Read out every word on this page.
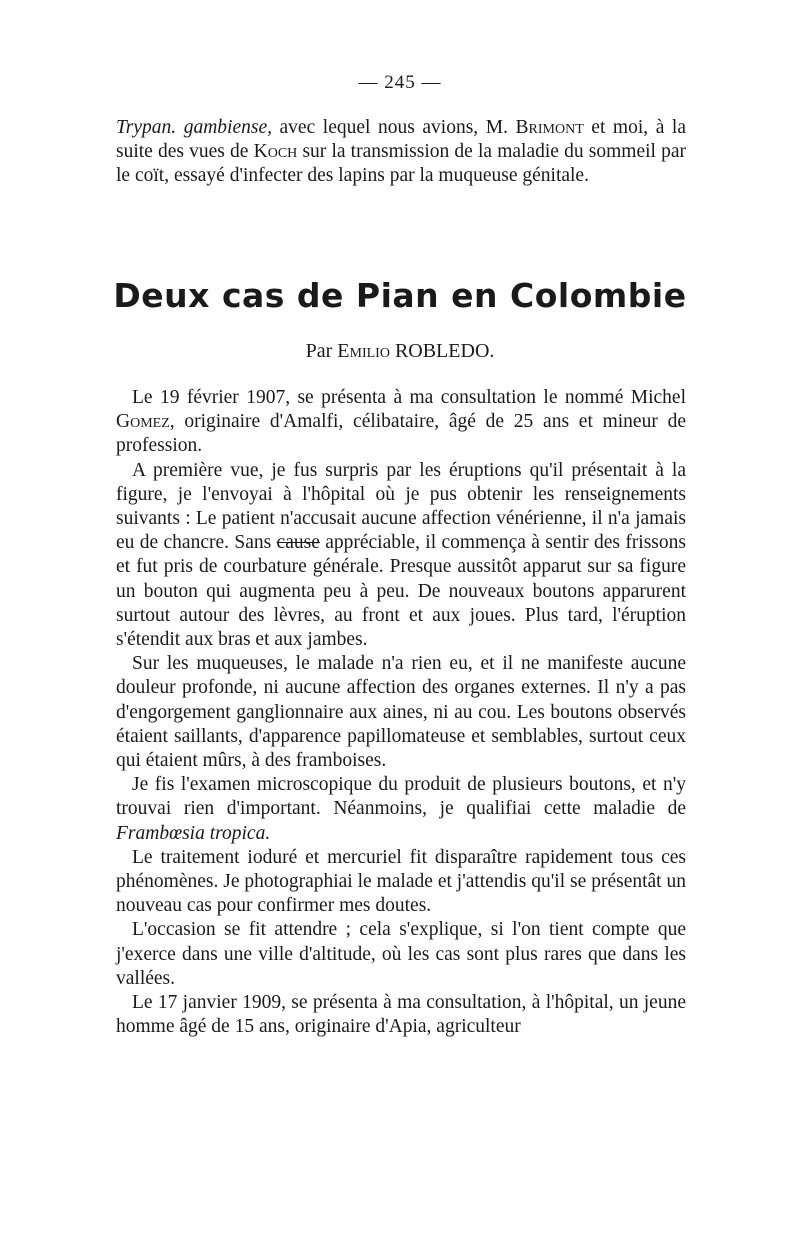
— 245 —

Trypan. gambiense, avec lequel nous avions, M. Brimont et moi, à la suite des vues de Koch sur la transmission de la maladie du sommeil par le coït, essayé d'infecter des lapins par la muqueuse génitale.

Deux cas de Pian en Colombie
Par Emilio ROBLEDO.

Le 19 février 1907, se présenta à ma consultation le nommé Michel Gomez, originaire d'Amalfi, célibataire, âgé de 25 ans et mineur de profession.

A première vue, je fus surpris par les éruptions qu'il présentait à la figure, je l'envoyai à l'hôpital où je pus obtenir les renseignements suivants : Le patient n'accusait aucune affection vénérienne, il n'a jamais eu de chancre. Sans cause appréciable, il commença à sentir des frissons et fut pris de courbature générale. Presque aussitôt apparut sur sa figure un bouton qui augmenta peu à peu. De nouveaux boutons apparurent surtout autour des lèvres, au front et aux joues. Plus tard, l'éruption s'étendit aux bras et aux jambes.

Sur les muqueuses, le malade n'a rien eu, et il ne manifeste aucune douleur profonde, ni aucune affection des organes externes. Il n'y a pas d'engorgement ganglionnaire aux aines, ni au cou. Les boutons observés étaient saillants, d'apparence papillomateuse et semblables, surtout ceux qui étaient mûrs, à des framboises.

Je fis l'examen microscopique du produit de plusieurs boutons, et n'y trouvai rien d'important. Néanmoins, je qualifiai cette maladie de Frambœsia tropica.

Le traitement ioduré et mercuriel fit disparaître rapidement tous ces phénomènes. Je photographiai le malade et j'attendis qu'il se présentât un nouveau cas pour confirmer mes doutes.

L'occasion se fit attendre ; cela s'explique, si l'on tient compte que j'exerce dans une ville d'altitude, où les cas sont plus rares que dans les vallées.

Le 17 janvier 1909, se présenta à ma consultation, à l'hôpital, un jeune homme âgé de 15 ans, originaire d'Apia, agriculteur
